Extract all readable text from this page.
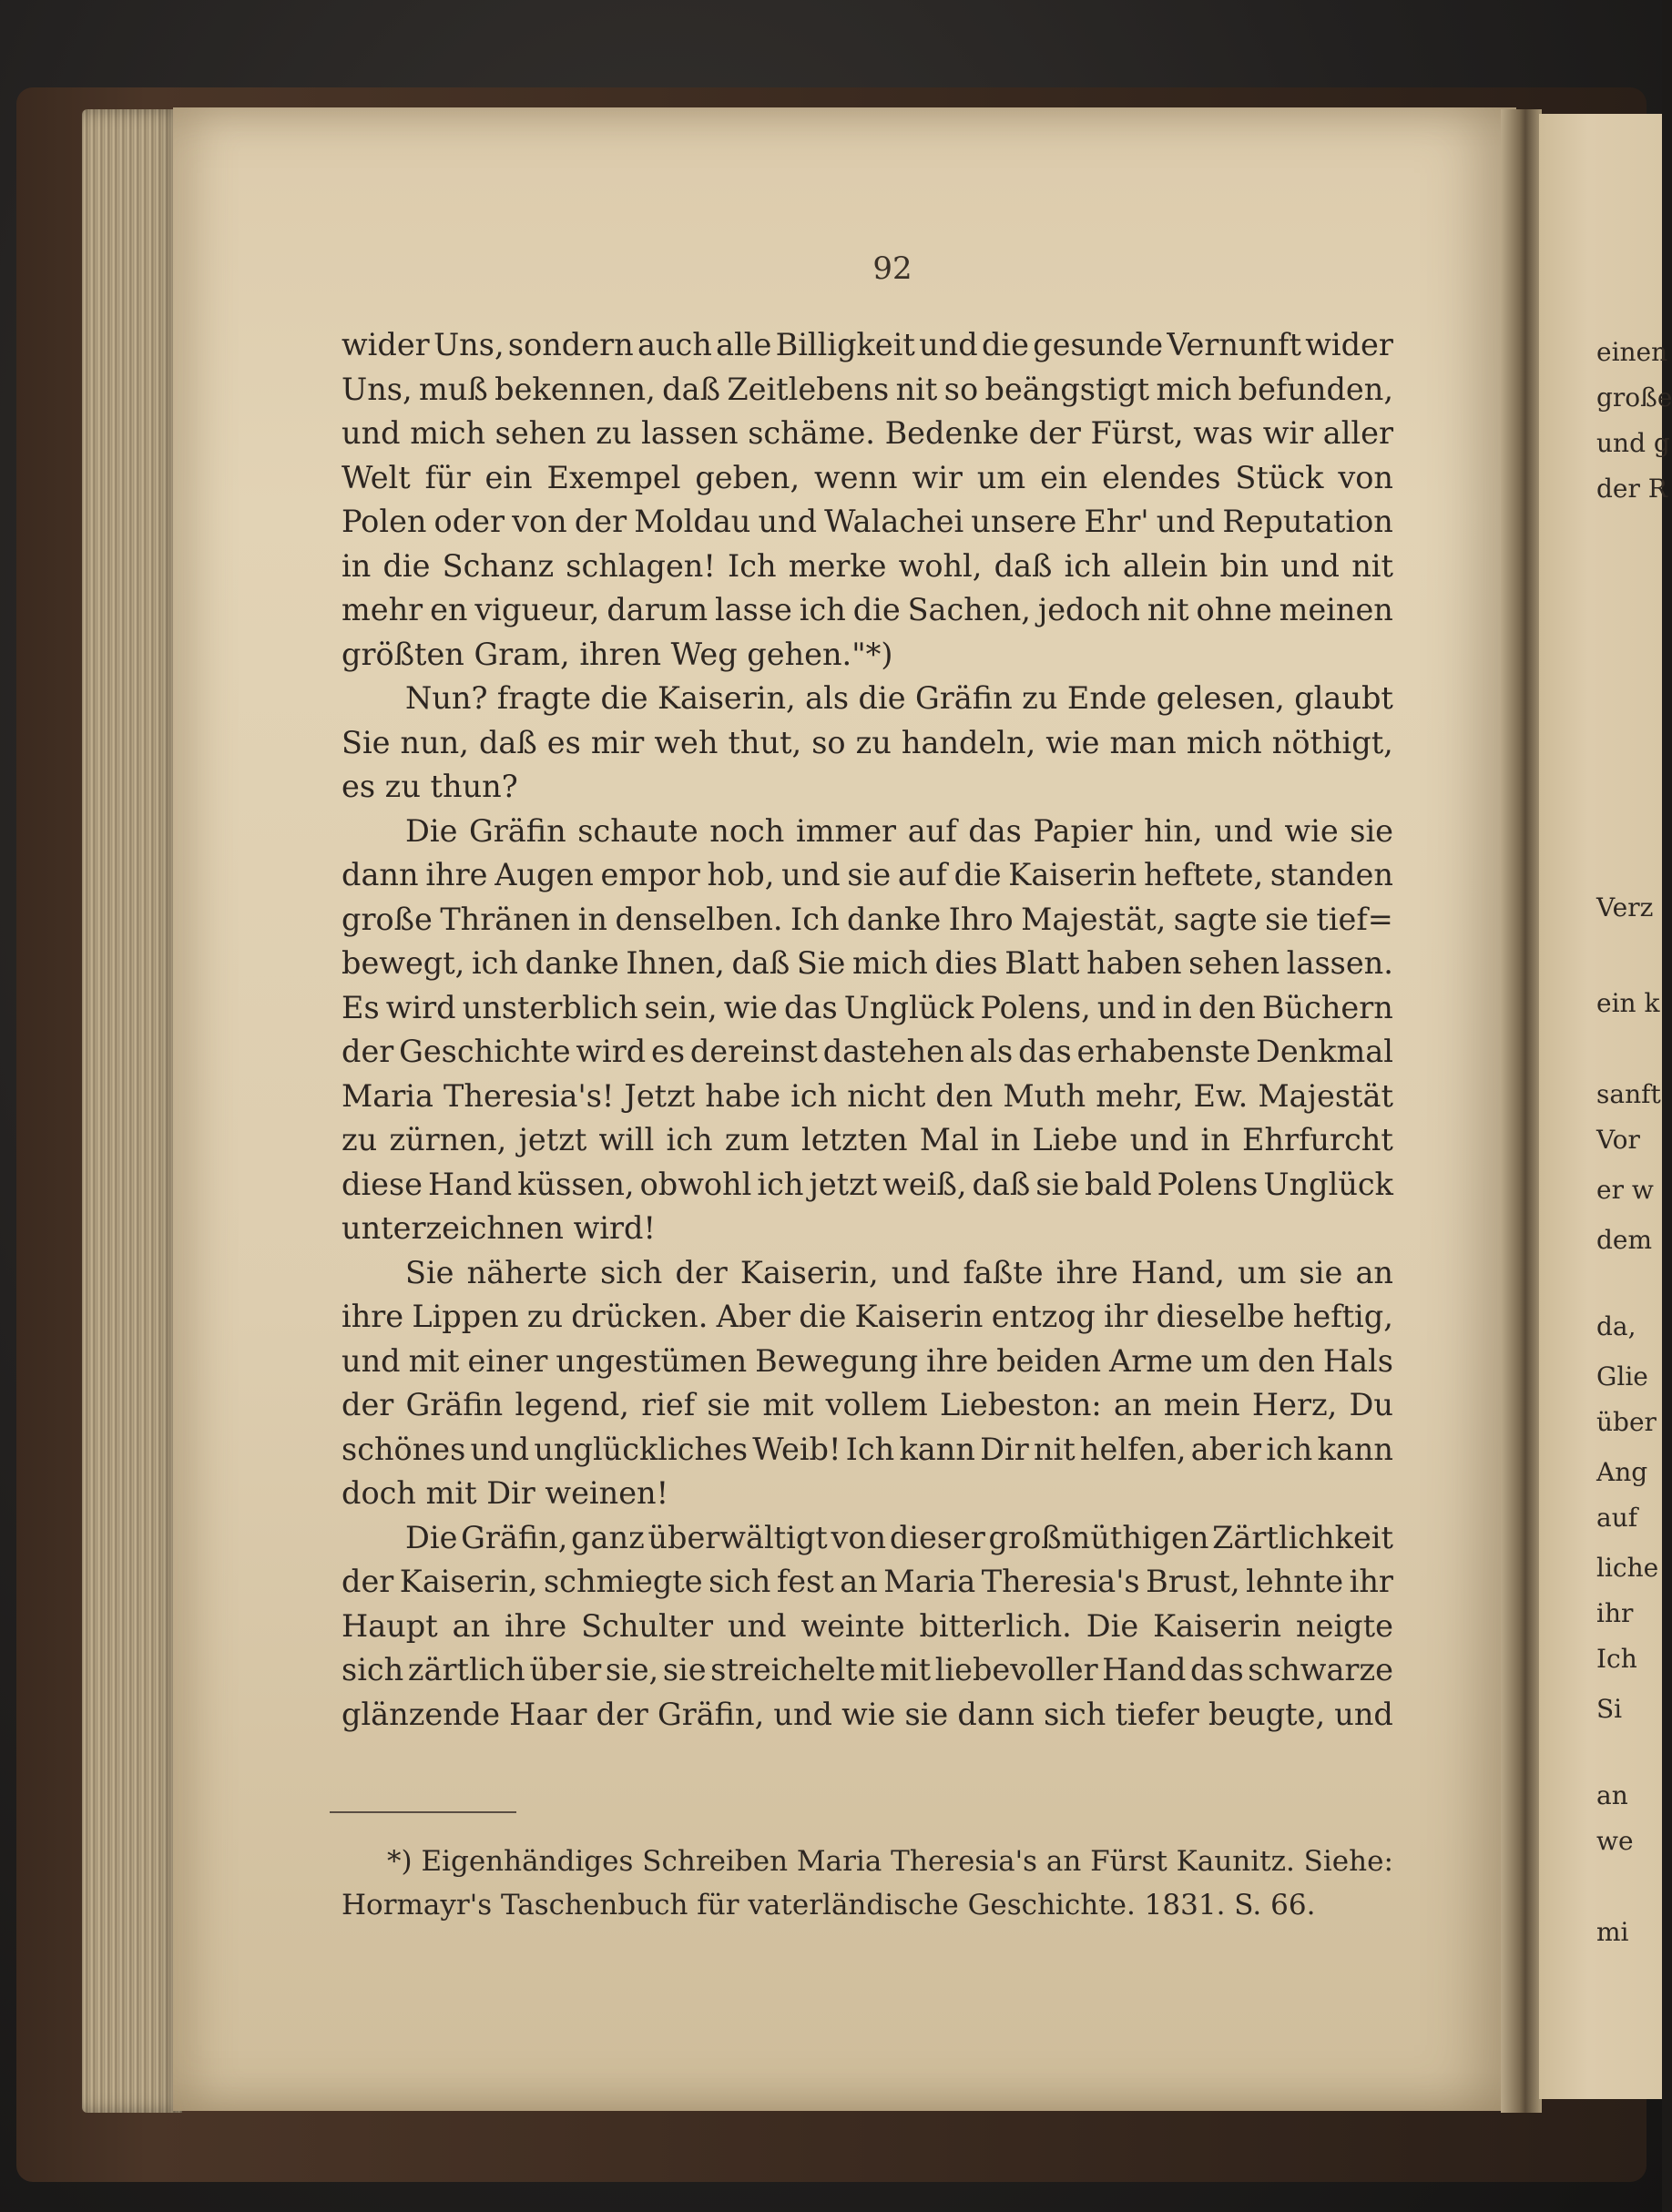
92
wider Uns, sondern auch alle Billigkeit und die gesunde Vernunft wider
Uns, muß bekennen, daß Zeitlebens nit so beängstigt mich befunden,
und mich sehen zu lassen schäme. Bedenke der Fürst, was wir aller
Welt für ein Exempel geben, wenn wir um ein elendes Stück von
Polen oder von der Moldau und Walachei unsere Ehr' und Reputation
in die Schanz schlagen! Ich merke wohl, daß ich allein bin und nit
mehr en vigueur, darum lasse ich die Sachen, jedoch nit ohne meinen
größten Gram, ihren Weg gehen."*)
Nun? fragte die Kaiserin, als die Gräfin zu Ende gelesen, glaubt
Sie nun, daß es mir weh thut, so zu handeln, wie man mich nöthigt,
es zu thun?
Die Gräfin schaute noch immer auf das Papier hin, und wie sie
dann ihre Augen empor hob, und sie auf die Kaiserin heftete, standen
große Thränen in denselben. Ich danke Ihro Majestät, sagte sie tief=
bewegt, ich danke Ihnen, daß Sie mich dies Blatt haben sehen lassen.
Es wird unsterblich sein, wie das Unglück Polens, und in den Büchern
der Geschichte wird es dereinst dastehen als das erhabenste Denkmal
Maria Theresia's! Jetzt habe ich nicht den Muth mehr, Ew. Majestät
zu zürnen, jetzt will ich zum letzten Mal in Liebe und in Ehrfurcht
diese Hand küssen, obwohl ich jetzt weiß, daß sie bald Polens Unglück
unterzeichnen wird!
Sie näherte sich der Kaiserin, und faßte ihre Hand, um sie an
ihre Lippen zu drücken. Aber die Kaiserin entzog ihr dieselbe heftig,
und mit einer ungestümen Bewegung ihre beiden Arme um den Hals
der Gräfin legend, rief sie mit vollem Liebeston: an mein Herz, Du
schönes und unglückliches Weib! Ich kann Dir nit helfen, aber ich kann
doch mit Dir weinen!
Die Gräfin, ganz überwältigt von dieser großmüthigen Zärtlichkeit
der Kaiserin, schmiegte sich fest an Maria Theresia's Brust, lehnte ihr
Haupt an ihre Schulter und weinte bitterlich. Die Kaiserin neigte
sich zärtlich über sie, sie streichelte mit liebevoller Hand das schwarze
glänzende Haar der Gräfin, und wie sie dann sich tiefer beugte, und
*) Eigenhändiges Schreiben Maria Theresia's an Fürst Kaunitz. Siehe:
Hormayr's Taschenbuch für vaterländische Geschichte. 1831. S. 66.
einen
große
und g
der R
Verz
ein k
sanft
Vor
er w
dem
da,
Glie
über
Ang
auf
liche
ihr
Ich
Si
an
we
mi
